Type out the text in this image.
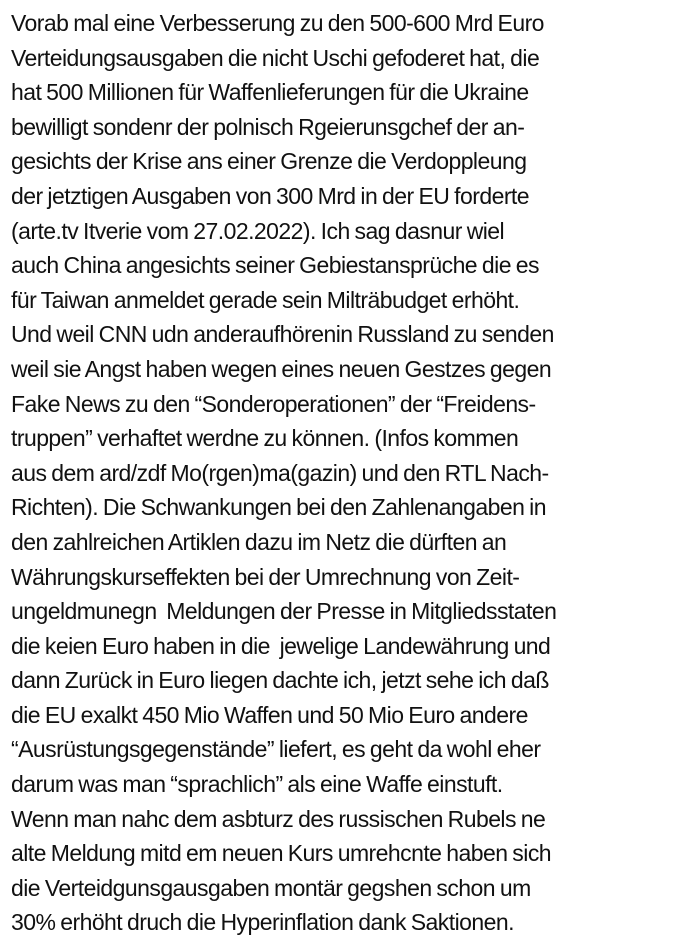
Vorab mal eine Verbesserung zu den 500-600 Mrd Euro
Verteidungsausgaben die nicht Uschi gefoderet hat, die
hat 500 Millionen für Waffenlieferungen für die Ukraine
bewilligt sondenr der polnisch Rgeierunsgchef der an-
gesichts der Krise ans einer Grenze die Verdoppleung
der jetztigen Ausgaben von 300 Mrd in der EU forderte
(arte.tv Itverie vom 27.02.2022). Ich sag dasnur wiel
auch China angesichts seiner Gebiestansprüche die es
für Taiwan anmeldet gerade sein Milträbudget erhöht.
Und weil CNN udn anderaufhörenin Russland zu senden
weil sie Angst haben wegen eines neuen Gestzes gegen
Fake News zu den “Sonderoperationen” der “Freidens-
truppen” verhaftet werdne zu können. (Infos kommen
aus dem ard/zdf Mo(rgen)ma(gazin) und den RTL Nach-
Richten). Die Schwankungen bei den Zahlenangaben in
den zahlreichen Artiklen dazu im Netz die dürften an
Währungskurseffekten bei der Umrechnung von Zeit-
ungeldmunegn  Meldungen der Presse in Mitgliedsstaten
die keien Euro haben in die  jewelige Landewährung und
dann Zurück in Euro liegen dachte ich, jetzt sehe ich daß
die EU exalkt 450 Mio Waffen und 50 Mio Euro andere
“Ausrüstungsgegenstände” liefert, es geht da wohl eher
darum was man “sprachlich” als eine Waffe einstuft.
Wenn man nahc dem asbturz des russischen Rubels ne
alte Meldung mitd em neuen Kurs umrehcnte haben sich
die Verteidgunsgausgaben montär gegshen schon um
30% erhöht druch die Hyperinflation dank Saktionen.
